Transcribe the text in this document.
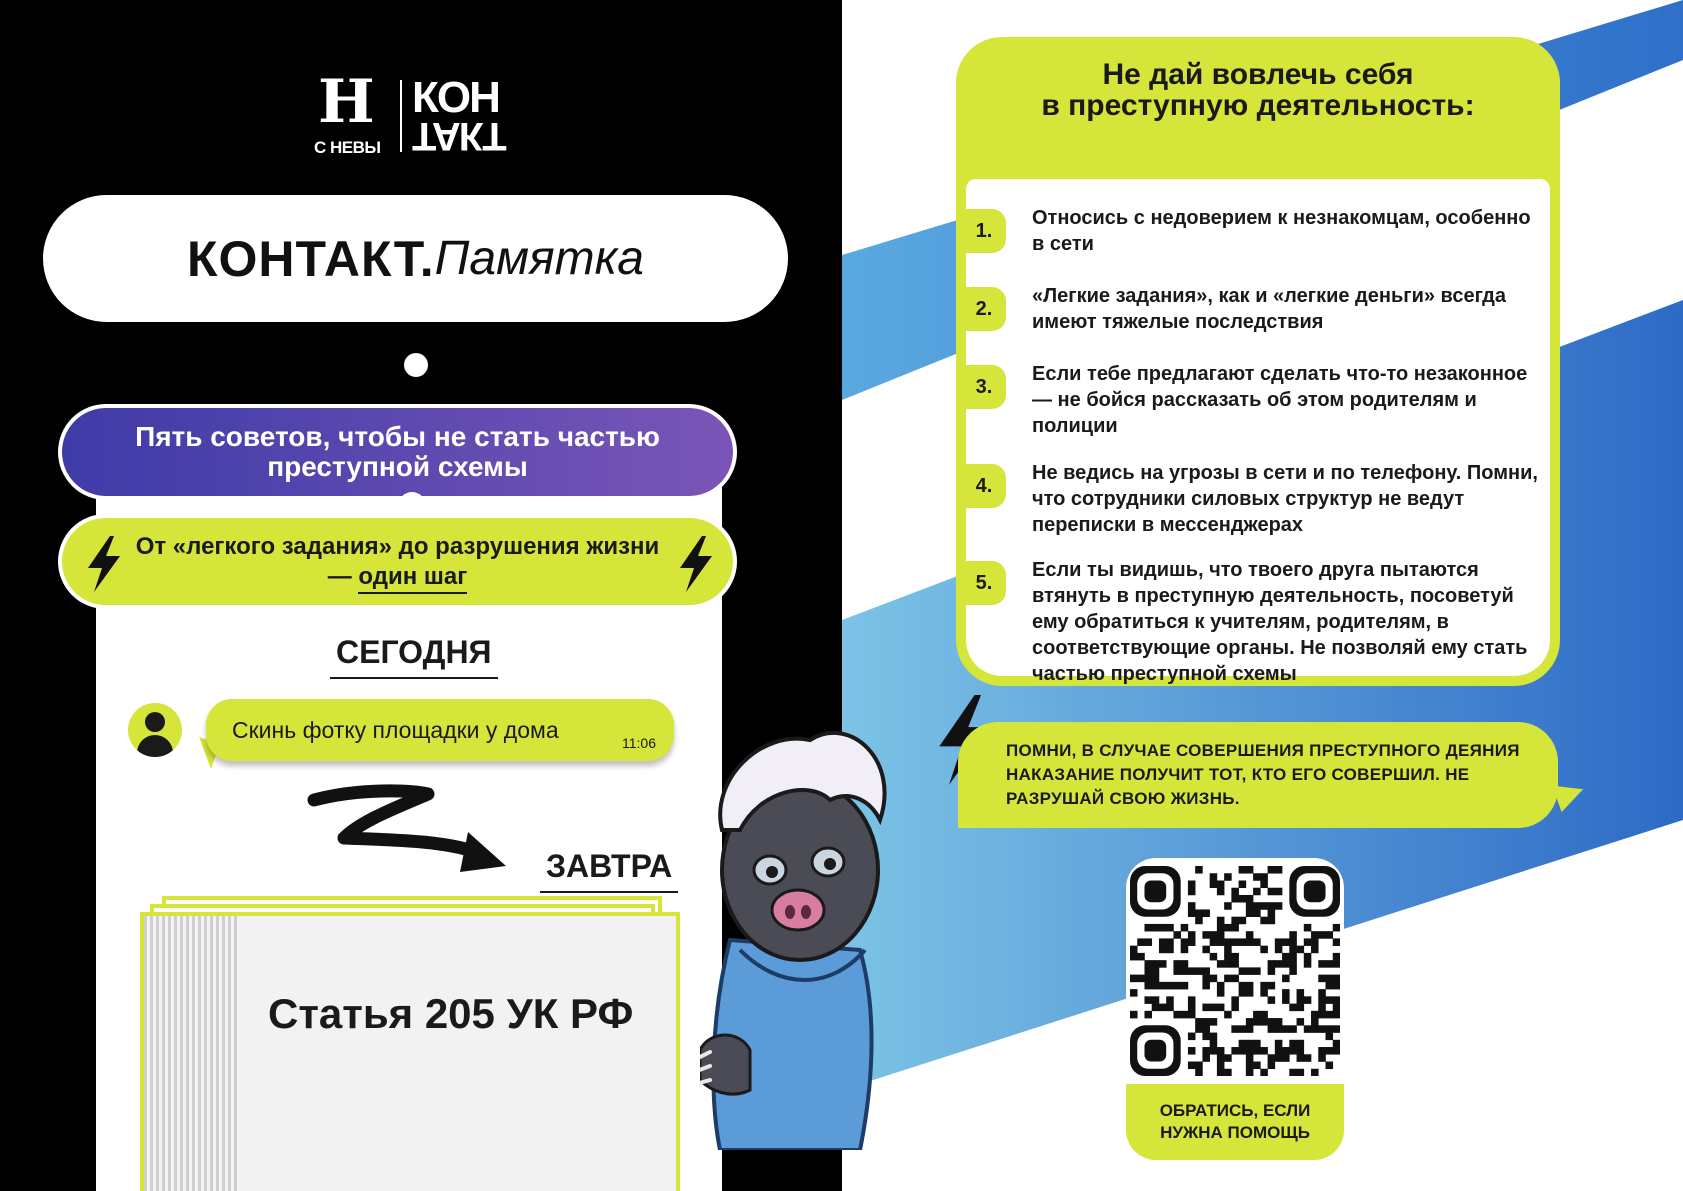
Н
С НЕВЫ
КОН
ТАКТ
КОНТАКТ. Памятка
Пять советов, чтобы не стать частью преступной схемы
От «легкого задания» до разрушения жизни — один шаг
СЕГОДНЯ
Скинь фотку площадки у дома
11:06
ЗАВТРА
Статья 205 УК РФ
Не дай вовлечь себя
в преступную деятельность:
1.
Относись с недоверием к незнакомцам, особенно в сети
2.
«Легкие задания», как и «легкие деньги» всегда имеют тяжелые последствия
3.
Если тебе предлагают сделать что-то незаконное — не бойся рассказать об этом родителям и полиции
4.
Не ведись на угрозы в сети и по телефону. Помни, что сотрудники силовых структур не ведут переписки в мессенджерах
5.
Если ты видишь, что твоего друга пытаются втянуть в преступную деятельность, посоветуй ему обратиться к учителям, родителям, в соответствующие органы. Не позволяй ему стать частью преступной схемы
ПОМНИ, В СЛУЧАЕ СОВЕРШЕНИЯ ПРЕСТУПНОГО ДЕЯНИЯ НАКАЗАНИЕ ПОЛУЧИТ ТОТ, КТО ЕГО СОВЕРШИЛ. НЕ РАЗРУШАЙ СВОЮ ЖИЗНЬ.
ОБРАТИСЬ, ЕСЛИ НУЖНА ПОМОЩЬ
